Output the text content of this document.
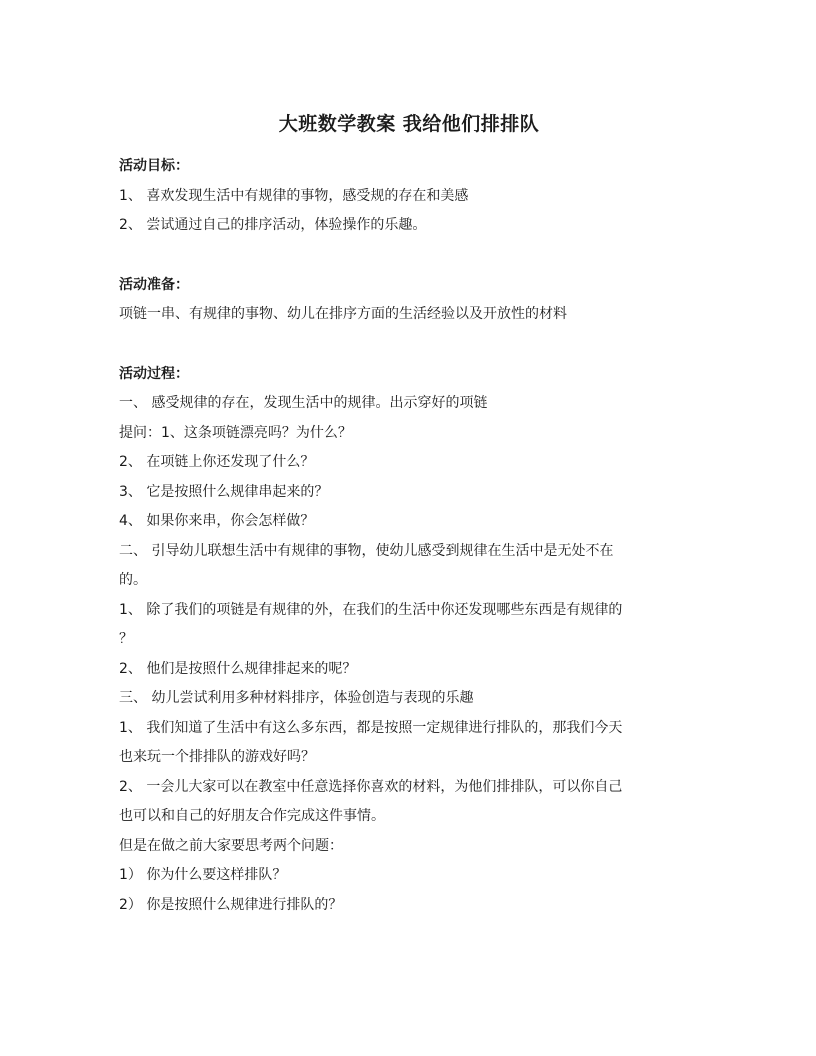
大班数学教案 我给他们排排队

活动目标：

1、 喜欢发现生活中有规律的事物，感受规的存在和美感

2、 尝试通过自己的排序活动，体验操作的乐趣。

活动准备：

项链一串、有规律的事物、幼儿在排序方面的生活经验以及开放性的材料

活动过程：

一、 感受规律的存在，发现生活中的规律。出示穿好的项链

提问：1、这条项链漂亮吗？为什么？

2、 在项链上你还发现了什么？

3、 它是按照什么规律串起来的？

4、 如果你来串，你会怎样做？

二、 引导幼儿联想生活中有规律的事物，使幼儿感受到规律在生活中是无处不在

的。

1、 除了我们的项链是有规律的外，在我们的生活中你还发现哪些东西是有规律的

？

2、 他们是按照什么规律排起来的呢？

三、 幼儿尝试利用多种材料排序，体验创造与表现的乐趣

1、 我们知道了生活中有这么多东西，都是按照一定规律进行排队的，那我们今天

也来玩一个排排队的游戏好吗？

2、 一会儿大家可以在教室中任意选择你喜欢的材料，为他们排排队，可以你自己

也可以和自己的好朋友合作完成这件事情。

但是在做之前大家要思考两个问题：

1） 你为什么要这样排队？

2） 你是按照什么规律进行排队的？
